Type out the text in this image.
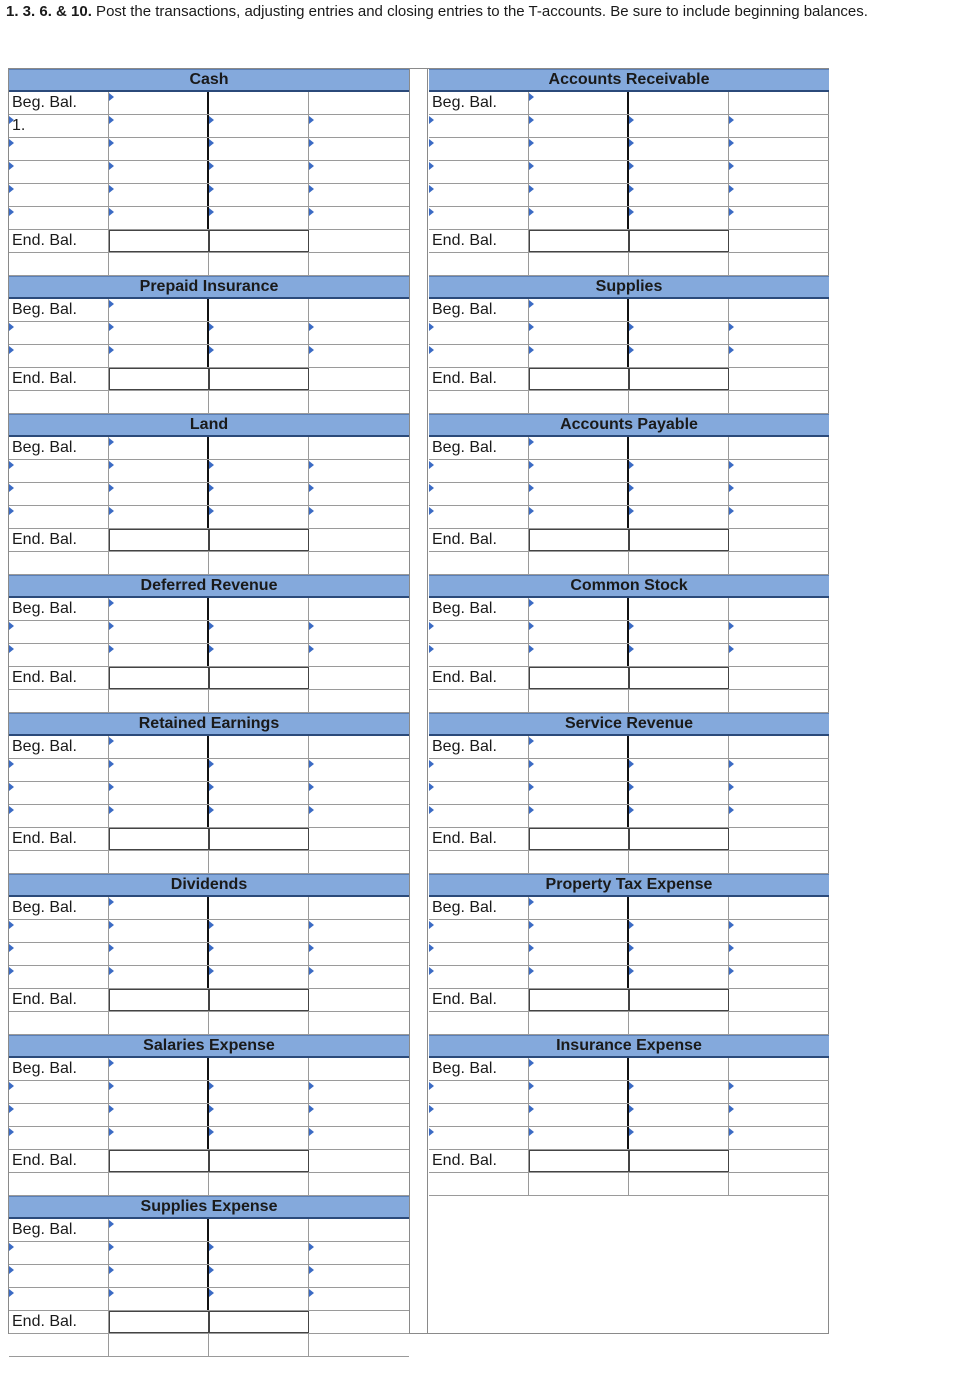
1. 3. 6. & 10. Post the transactions, adjusting entries and closing entries to the T-accounts. Be sure to include beginning balances.
Cash
Beg. Bal.
1.
End. Bal.
Accounts Receivable
Beg. Bal.
End. Bal.
Prepaid Insurance
Beg. Bal.
End. Bal.
Supplies
Beg. Bal.
End. Bal.
Land
Beg. Bal.
End. Bal.
Accounts Payable
Beg. Bal.
End. Bal.
Deferred Revenue
Beg. Bal.
End. Bal.
Common Stock
Beg. Bal.
End. Bal.
Retained Earnings
Beg. Bal.
End. Bal.
Service Revenue
Beg. Bal.
End. Bal.
Dividends
Beg. Bal.
End. Bal.
Property Tax Expense
Beg. Bal.
End. Bal.
Salaries Expense
Beg. Bal.
End. Bal.
Insurance Expense
Beg. Bal.
End. Bal.
Supplies Expense
Beg. Bal.
End. Bal.
